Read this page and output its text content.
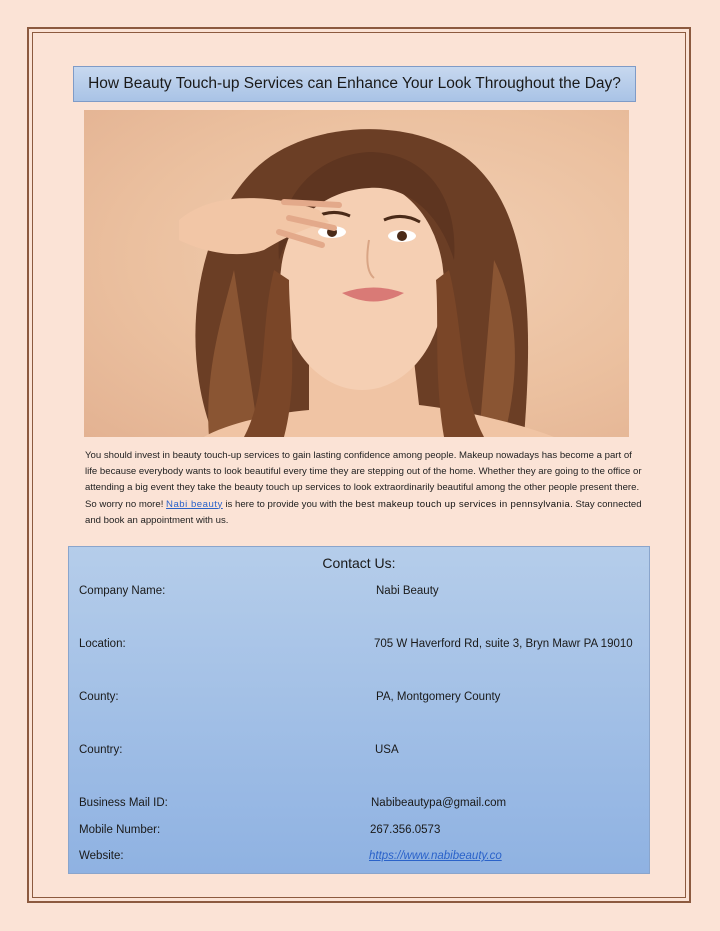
How Beauty Touch-up Services can Enhance Your Look Throughout the Day?
You should invest in beauty touch-up services to gain lasting confidence among people. Makeup nowadays has become a part of life because everybody wants to look beautiful every time they are stepping out of the home. Whether they are going to the office or attending a big event they take the beauty touch up services to look extraordinarily beautiful among the other people present there. So worry no more! Nabi beauty is here to provide you with the best makeup touch up services in pennsylvania. Stay connected and book an appointment with us.
Contact Us:
Company Name:	Nabi Beauty
Location:	705 W Haverford Rd, suite 3, Bryn Mawr PA 19010
County:	PA, Montgomery County
Country:	USA
Business Mail ID:	Nabibeautypa@gmail.com
Mobile Number:	267.356.0573
Website:	https://www.nabibeauty.co
